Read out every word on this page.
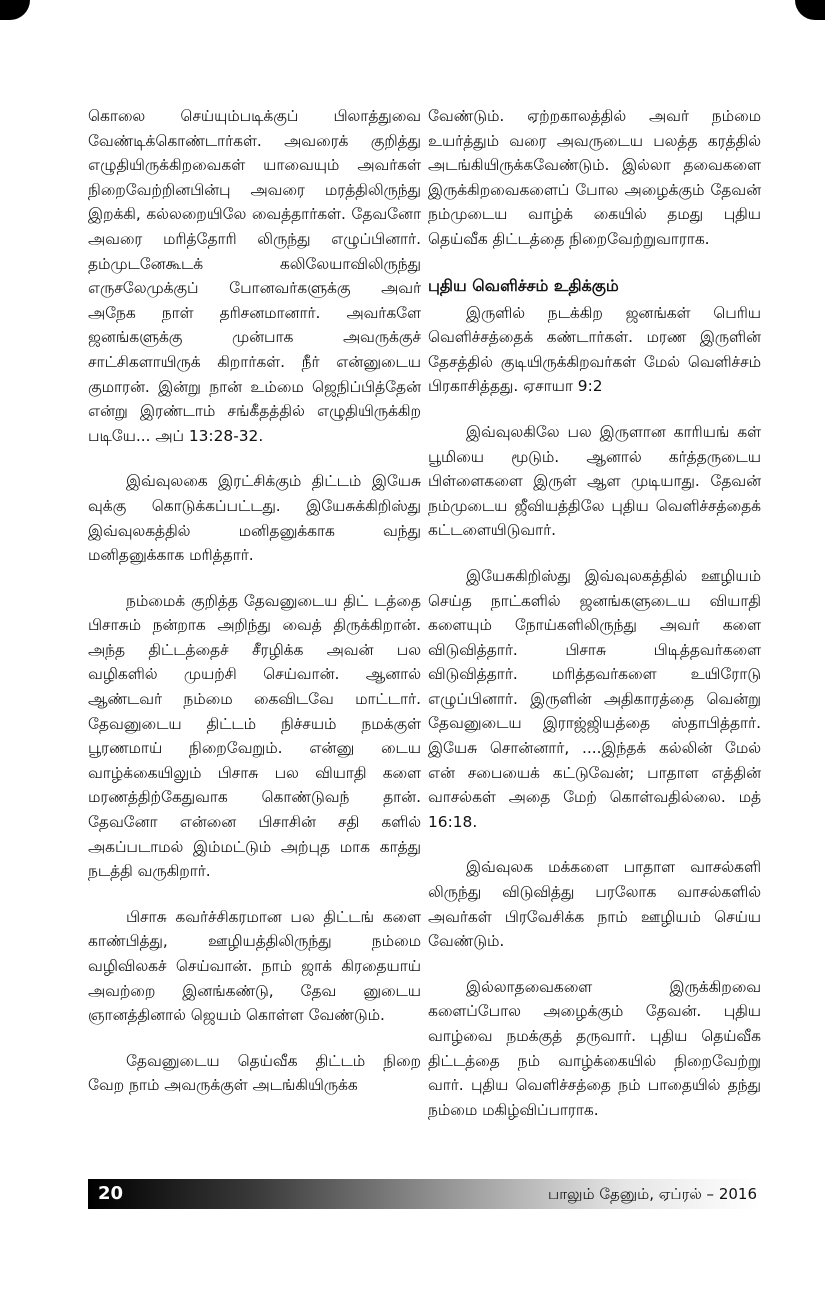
கொலை செய்யும்படிக்குப் பிலாத்துவை வேண்டிக்கொண்டார்கள். அவரைக் குறித்து எழுதியிருக்கிறவைகள் யாவையும் அவர்கள் நிறைவேற்றினபின்பு அவரை மரத்திலிருந்து இறக்கி, கல்லறையிலே வைத்தார்கள். தேவனோ அவரை மரித்தோரி லிருந்து எழுப்பினார். தம்முடனேகூடக் கலிலேயாவிலிருந்து எருசலேமுக்குப் போனவர்களுக்கு அவர் அநேக நாள் தரிசனமானார். அவர்களே ஜனங்களுக்கு முன்பாக அவருக்குச் சாட்சிகளாயிருக் கிறார்கள். நீர் என்னுடைய குமாரன். இன்று நான் உம்மை ஜெநிப்பித்தேன் என்று இரண்டாம் சங்கீதத்தில் எழுதியிருக்கிற படியே... அப் 13:28-32.

இவ்வுலகை இரட்சிக்கும் திட்டம் இயேசு வுக்கு கொடுக்கப்பட்டது. இயேசுக்கிறிஸ்து இவ்வுலகத்தில் மனிதனுக்காக வந்து மனிதனுக்காக மரித்தார்.

நம்மைக் குறித்த தேவனுடைய திட் டத்தை பிசாசும் நன்றாக அறிந்து வைத் திருக்கிறான். அந்த திட்டத்தைச் சீரழிக்க அவன் பல வழிகளில் முயற்சி செய்வான். ஆனால் ஆண்டவர் நம்மை கைவிடவே மாட்டார். தேவனுடைய திட்டம் நிச்சயம் நமக்குள் பூரணமாய் நிறைவேறும். என்னு டைய வாழ்க்கையிலும் பிசாசு பல வியாதி களை மரணத்திற்கேதுவாக கொண்டுவந் தான். தேவனோ என்னை பிசாசின் சதி களில் அகப்படாமல் இம்மட்டும் அற்புத மாக காத்து நடத்தி வருகிறார்.

பிசாசு கவர்ச்சிகரமான பல திட்டங் களை காண்பித்து, ஊழியத்திலிருந்து நம்மை வழிவிலகச் செய்வான். நாம் ஜாக் கிரதையாய் அவற்றை இனங்கண்டு, தேவ னுடைய ஞானத்தினால் ஜெயம் கொள்ள வேண்டும்.

தேவனுடைய தெய்வீக திட்டம் நிறை வேற நாம் அவருக்குள் அடங்கியிருக்க

வேண்டும். ஏற்றகாலத்தில் அவர் நம்மை உயர்த்தும் வரை அவருடைய பலத்த கரத்தில் அடங்கியிருக்கவேண்டும். இல்லா தவைகளை இருக்கிறவைகளைப் போல அழைக்கும் தேவன் நம்முடைய வாழ்க் கையில் தமது புதிய தெய்வீக திட்டத்தை நிறைவேற்றுவாராக.

புதிய வெளிச்சம் உதிக்கும்

இருளில் நடக்கிற ஜனங்கள் பெரிய வெளிச்சத்தைக் கண்டார்கள். மரண இருளின் தேசத்தில் குடியிருக்கிறவர்கள் மேல் வெளிச்சம் பிரகாசித்தது. ஏசாயா 9:2

இவ்வுலகிலே பல இருளான காரியங் கள் பூமியை மூடும். ஆனால் கர்த்தருடைய பிள்ளைகளை இருள் ஆள முடியாது. தேவன் நம்முடைய ஜீவியத்திலே புதிய வெளிச்சத்தைக் கட்டளையிடுவார்.

இயேசுகிறிஸ்து இவ்வுலகத்தில் ஊழியம் செய்த நாட்களில் ஜனங்களுடைய வியாதி களையும் நோய்களிலிருந்து அவர் களை விடுவித்தார். பிசாசு பிடித்தவர்களை விடுவித்தார். மரித்தவர்களை உயிரோடு எழுப்பினார். இருளின் அதிகாரத்தை வென்று தேவனுடைய இராஜ்ஜியத்தை ஸ்தாபித்தார். இயேசு சொன்னார், ....இந்தக் கல்லின் மேல் என் சபையைக் கட்டுவேன்; பாதாள எத்தின் வாசல்கள் அதை மேற் கொள்வதில்லை. மத் 16:18.

இவ்வுலக மக்களை பாதாள வாசல்களி லிருந்து விடுவித்து பரலோக வாசல்களில் அவர்கள் பிரவேசிக்க நாம் ஊழியம் செய்ய வேண்டும்.

இல்லாதவைகளை இருக்கிறவை களைப்போல அழைக்கும் தேவன். புதிய வாழ்வை நமக்குத் தருவார். புதிய தெய்வீக திட்டத்தை நம் வாழ்க்கையில் நிறைவேற்று வார். புதிய வெளிச்சத்தை நம் பாதையில் தந்து நம்மை மகிழ்விப்பாராக.

20	பாலும் தேனும், ஏப்ரல் – 2016
